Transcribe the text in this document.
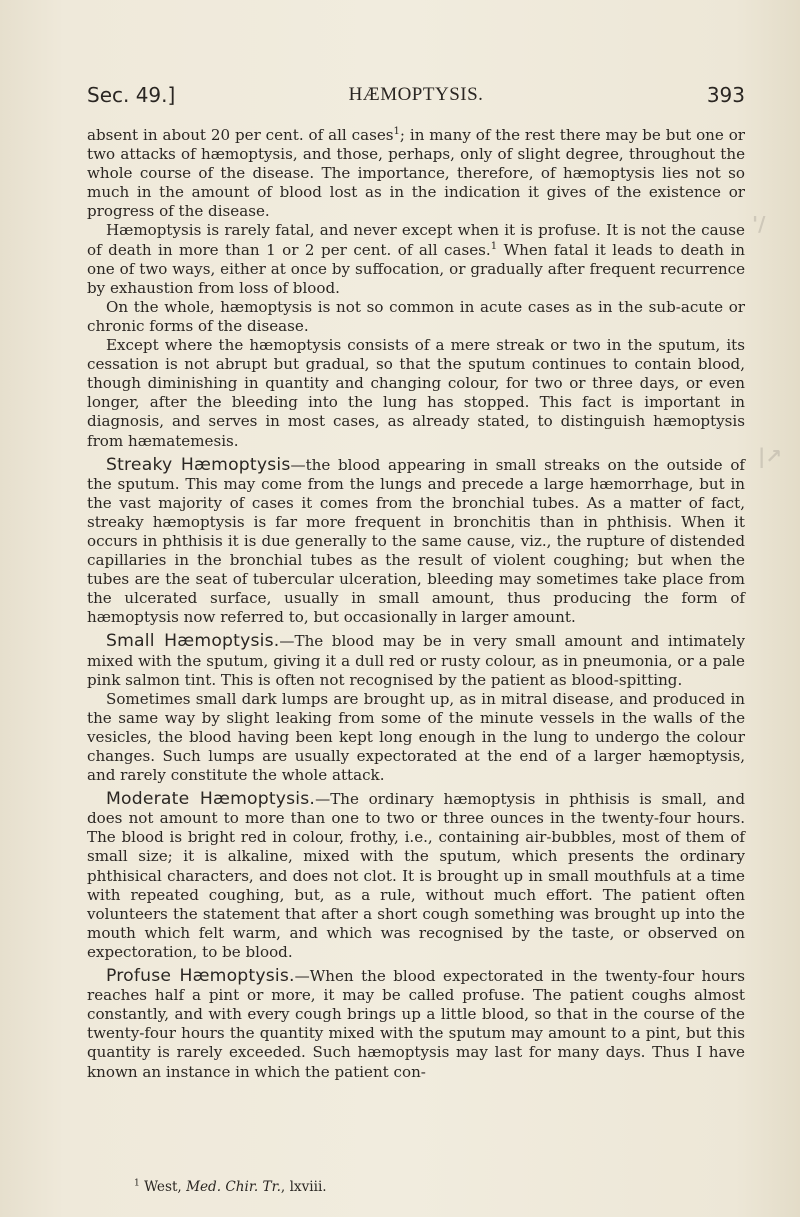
Sec. 49.]	HÆMOPTYSIS.	393

absent in about 20 per cent. of all cases$^1$; in many of the rest there may be but one or two attacks of hæmoptysis, and those, perhaps, only of slight degree, throughout the whole course of the disease. The importance, therefore, of hæmoptysis lies not so much in the amount of blood lost as in the indication it gives of the existence or progress of the disease.

Hæmoptysis is rarely fatal, and never except when it is profuse. It is not the cause of death in more than 1 or 2 per cent. of all cases.$^1$ When fatal it leads to death in one of two ways, either at once by suffocation, or gradually after frequent recurrence by exhaustion from loss of blood.

On the whole, hæmoptysis is not so common in acute cases as in the sub-acute or chronic forms of the disease.

Except where the hæmoptysis consists of a mere streak or two in the sputum, its cessation is not abrupt but gradual, so that the sputum continues to contain blood, though diminishing in quantity and changing colour, for two or three days, or even longer, after the bleeding into the lung has stopped. This fact is important in diagnosis, and serves in most cases, as already stated, to distinguish hæmoptysis from hæmatemesis.

Streaky Hæmoptysis—the blood appearing in small streaks on the outside of the sputum. This may come from the lungs and precede a large hæmorrhage, but in the vast majority of cases it comes from the bronchial tubes. As a matter of fact, streaky hæmoptysis is far more frequent in bronchitis than in phthisis. When it occurs in phthisis it is due generally to the same cause, viz., the rupture of distended capillaries in the bronchial tubes as the result of violent coughing; but when the tubes are the seat of tubercular ulceration, bleeding may sometimes take place from the ulcerated surface, usually in small amount, thus producing the form of hæmoptysis now referred to, but occasionally in larger amount.

Small Hæmoptysis.—The blood may be in very small amount and intimately mixed with the sputum, giving it a dull red or rusty colour, as in pneumonia, or a pale pink salmon tint. This is often not recognised by the patient as blood-spitting.

Sometimes small dark lumps are brought up, as in mitral disease, and produced in the same way by slight leaking from some of the minute vessels in the walls of the vesicles, the blood having been kept long enough in the lung to undergo the colour changes. Such lumps are usually expectorated at the end of a larger hæmoptysis, and rarely constitute the whole attack.

Moderate Hæmoptysis.—The ordinary hæmoptysis in phthisis is small, and does not amount to more than one to two or three ounces in the twenty-four hours. The blood is bright red in colour, frothy, i.e., containing air-bubbles, most of them of small size; it is alkaline, mixed with the sputum, which presents the ordinary phthisical characters, and does not clot. It is brought up in small mouthfuls at a time with repeated coughing, but, as a rule, without much effort. The patient often volunteers the statement that after a short cough something was brought up into the mouth which felt warm, and which was recognised by the taste, or observed on expectoration, to be blood.

Profuse Hæmoptysis.—When the blood expectorated in the twenty-four hours reaches half a pint or more, it may be called profuse. The patient coughs almost constantly, and with every cough brings up a little blood, so that in the course of the twenty-four hours the quantity mixed with the sputum may amount to a pint, but this quantity is rarely exceeded. Such hæmoptysis may last for many days. Thus I have known an instance in which the patient con-

$^1$ West, Med. Chir. Tr., lxviii.
'/
|↗
